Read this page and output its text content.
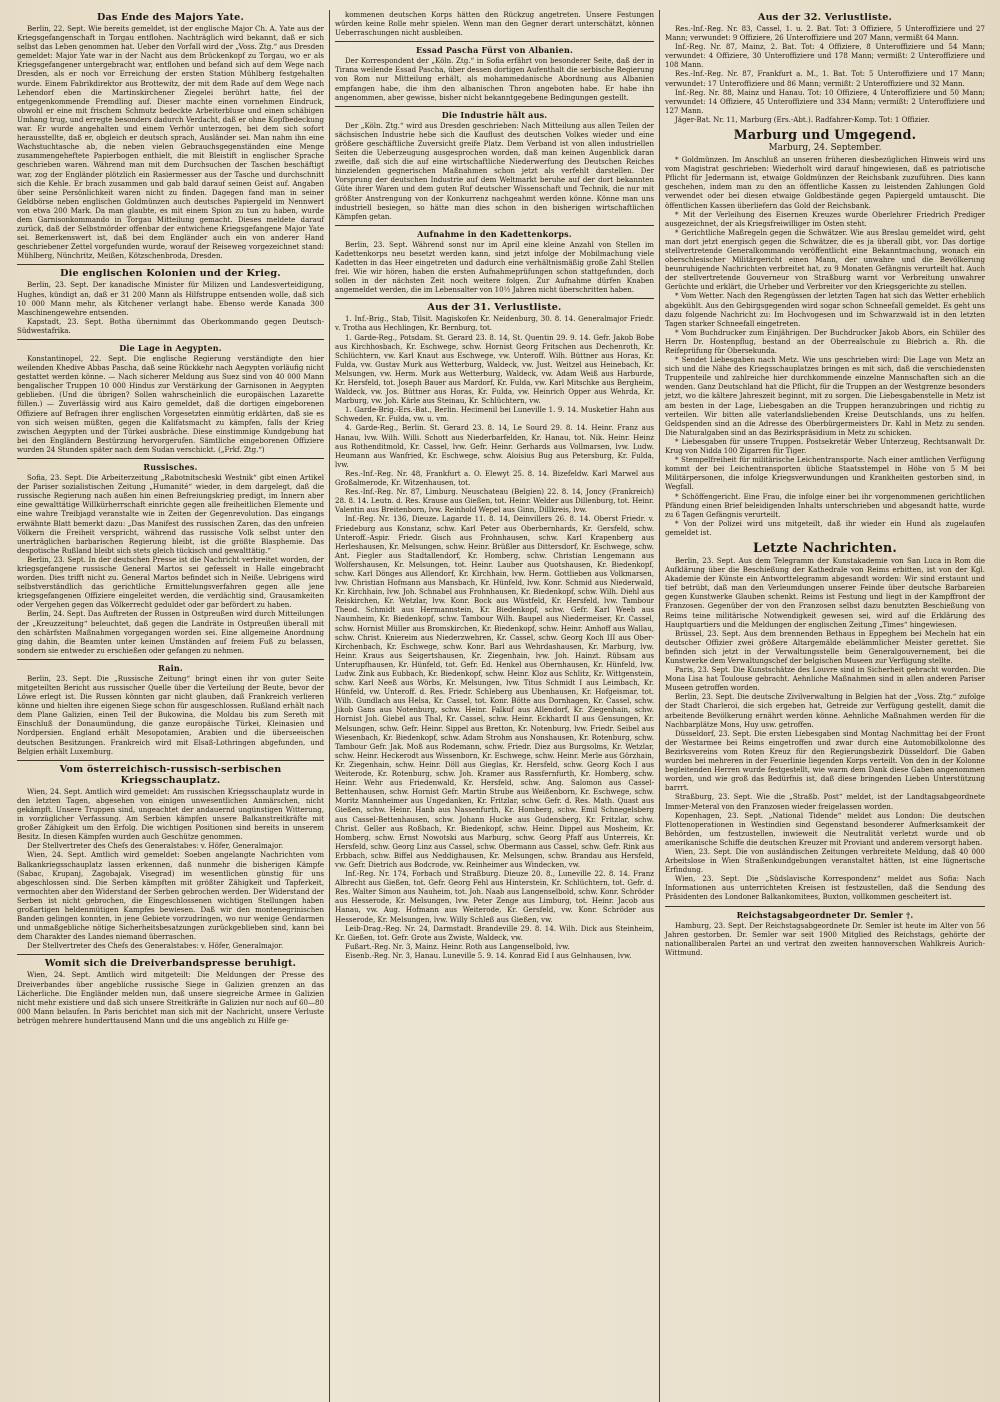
Das Ende des Majors Yate.

Berlin, 22. Sept. Wie bereits gemeldet, ist der englische Major Ch. A. Yate aus der Kriegsgefangenschaft in Torgau entflohen. Nachträglich wird bekannt, daß er sich selbst das Leben genommen hat. Ueber den Vorfall wird der „Voss. Ztg.“ aus Dresden gemeldet: Major Yate war in der Nacht aus dem Brückenkopf zu Torgau, wo er als Kriegsgefangener untergebracht war, entflohen und befand sich auf dem Wege nach Dresden, als er noch vor Erreichung der ersten Station Mühlberg festgehalten wurde. Einem Fabrikdirektor aus Brottewitz, der mit dem Rade auf dem Wege nach Lehendorf eben die Martinskirchener Ziegelei berührt hatte, fiel der entgegenkommende Fremdling auf. Dieser machte einen vornehmen Eindruck, obwohl er eine mit frischem Schmutz bedeckte Arbeiterbluse und einen schäbigen Umhang trug, und erregte besonders dadurch Verdacht, daß er ohne Kopfbedeckung war. Er wurde angehalten und einem Verhör unterzogen, bei dem sich sofort herausstellte, daß er, obgleich er deutsch sprach, Ausländer sei. Man nahm ihn eine Wachstuchtasche ab, die neben vielen Gebrauchsgegenständen eine Menge zusammengeheftete Papierbogen enthielt, die mit Bleistift in englischer Sprache geschrieben waren. Während man mit dem Durchsuchen der Taschen beschäftigt war, zog der Engländer plötzlich ein Rasiermesser aus der Tasche und durchschnitt sich die Kehle. Er brach zusammen und gab bald darauf seinen Geist auf. Angaben über seine Persönlichkeit waren nicht zu finden. Dagegen fand man in seiner Geldbörse neben englischen Goldmünzen auch deutsches Papiergeld im Nennwert von etwa 200 Mark. Da man glaubte, es mit einem Spion zu tun zu haben, wurde dem Garnisonkommando in Torgau Mitteilung gemacht. Dieses meldete darauf zurück, daß der Selbstmörder offenbar der entwichene Kriegsgefangene Major Yate sei. Bemerkenswert ist, daß bei dem Engländer auch ein von anderer Hand geschriebener Zettel vorgefunden wurde, worauf der Reiseweg vorgezeichnet stand: Mühlberg, Nünchritz, Meißen, Kötzschenbroda, Dresden.

Die englischen Kolonien und der Krieg.

Berlin, 23. Sept. Der kanadische Minister für Milizen und Landesverteidigung, Hughes, kündigt an, daß er 31 200 Mann als Hilfstruppe entsenden wolle, daß sich 10 000 Mann mehr, als Kitchener verlangt habe. Ebenso werde Kanada 300 Maschinengewehre entsenden.

Kapstadt, 23. Sept. Botha übernimmt das Oberkommando gegen Deutsch-Südwestafrika.

Die Lage in Aegypten.

Konstantinopel, 22. Sept. Die englische Regierung verständigte den hier weilenden Khedive Abbas Pascha, daß seine Rückkehr nach Aegypten vorläufig nicht gestattet werden könne. — Nach sicherer Meldung aus Suez sind von 40 000 Mann bengalischer Truppen 10 000 Hindus zur Verstärkung der Garnisonen in Aegypten geblieben. (Und die übrigen? Sollen wahrscheinlich die europäischen Lazarette füllen.) — Zuverlässig wird aus Kairo gemeldet, daß die dortigen eingeborenen Offiziere auf Befragen ihrer englischen Vorgesetzten einmütig erklärten, daß sie es von sich weisen müßten, gegen die Kalifatsmacht zu kämpfen, falls der Krieg zwischen Aegypten und der Türkei ausbräche. Diese einstimmige Kundgebung hat bei den Engländern Bestürzung hervorgerufen. Sämtliche eingeborenen Offiziere wurden 24 Stunden später nach dem Sudan verschickt. („Frkf. Ztg.“)

Russisches.

Sofia, 23. Sept. Die Arbeiterzeitung „Rabotnitscheski Westnik“ gibt einen Artikel der Pariser sozialistischen Zeitung „Humanité“ wieder, in dem dargelegt, daß die russische Regierung nach außen hin einen Befreiungskrieg predigt, im Innern aber eine gewalttätige Willkürherrschaft einrichte gegen alle freiheitlichen Elemente und eine wahre Treibjagd veranstalte wie in Zeiten der Gegenrevolution. Das eingangs erwähnte Blatt bemerkt dazu: „Das Manifest des russischen Zaren, das den unfreien Völkern die Freiheit verspricht, während das russische Volk selbst unter den unerträglichen barbarischen Regierung bleibt, ist die größte Blasphemie. Das despotische Rußland bleibt sich stets gleich tückisch und gewalttätig.“

Berlin, 23. Sept. In der deutschen Presse ist die Nachricht verbreitet worden, der kriegsgefangene russische General Martos sei gefesselt in Halle eingebracht worden. Dies trifft nicht zu. General Martos befindet sich in Neiße. Uebrigens wird selbstverständlich das gerichtliche Ermittelungsverfahren gegen alle jene kriegsgefangenen Offiziere eingeleitet werden, die verdächtig sind, Grausamkeiten oder Vergehen gegen das Völkerrecht geduldet oder gar befördert zu haben.

Berlin, 24. Sept. Das Auftreten der Russen in Ostpreußen wird durch Mitteilungen der „Kreuzzeitung“ beleuchtet, daß gegen die Landräte in Ostpreußen überall mit den schärfsten Maßnahmen vorgegangen worden sei. Eine allgemeine Anordnung ging dahin, die Beamten unter keinen Umständen auf freiem Fuß zu belassen, sondern sie entweder zu erschießen oder gefangen zu nehmen.

Rain.

Berlin, 23. Sept. Die „Russische Zeitung“ bringt einen ihr von guter Seite mitgeteilten Bericht aus russischer Quelle über die Verteilung der Beute, bevor der Löwe erlegt ist. Die Russen könnten gar nicht glauben, daß Frankreich verlieren könne und hielten ihre eigenen Siege schon für ausgeschlossen. Rußland erhält nach dem Plane Galizien, einen Teil der Bukowina, die Moldau bis zum Sereth mit Einschluß der Donaumündung, die ganze europäische Türkei, Kleinasien und Nordpersien. England erhält Mesopotamien, Arabien und die überseeischen deutschen Besitzungen. Frankreich wird mit Elsaß-Lothringen abgefunden, und Belgien erhält Luxemburg.

Vom österreichisch-russisch-serbischen Kriegsschauplatz.

Wien, 24. Sept. Amtlich wird gemeldet: Am russischen Kriegsschauplatz wurde in den letzten Tagen, abgesehen von einigen unwesentlichen Anmärschen, nicht gekämpft. Unsere Truppen sind, ungeachtet der andauernd ungünstigen Witterung, in vorzüglicher Verfassung. Am Serbien kämpfen unsere Balkanstreitkräfte mit großer Zähigkeit um den Erfolg. Die wichtigen Positionen sind bereits in unserem Besitz. In diesen Kämpfen wurden auch Geschütze genommen.

Der Stellvertreter des Chefs des Generalstabes: v. Höfer, Generalmajor.

Wien, 24. Sept. Amtlich wird gemeldet: Soeben angelangte Nachrichten vom Balkankriegsschauplatz lassen erkennen, daß nunmehr die bisherigen Kämpfe (Sabac, Krupanj, Zagobajak, Visegrad) im wesentlichen günstig für uns abgeschlossen sind. Die Serben kämpften mit größter Zähigkeit und Tapferkeit, vermochten aber den Widerstand der Serben gebrochen werden. Der Widerstand der Serben ist nicht gebrochen, die Eingeschlossenen wichtigen Stellungen haben großartigen heldenmütigen Kampfes bewiesen. Daß wir den montenegrinischen Banden gelingen konnten, in jene Gebiete vorzudringen, wo nur wenige Gendarmen und unmaßgebliche nötige Sicherheitsbesatzungen zurückgeblieben sind, kann bei dem Charakter des Landes niemand überraschen.

Der Stellvertreter des Chefs des Generalstabes: v. Höfer, Generalmajor.

Womit sich die Dreiverbandspresse beruhigt.

Wien, 24. Sept. Amtlich wird mitgeteilt: Die Meldungen der Presse des Dreiverbandes über angebliche russische Siege in Galizien grenzen an das Lächerliche. Die Engländer melden nun, daß unsere siegreiche Armee in Galizien nicht mehr existiere und daß sich unsere Streitkräfte in Galizien nur noch auf 60—80 000 Mann belaufen. In Paris berichtet man sich mit der Nachricht, unsere Verluste betrügen mehrere hunderttausend Mann und die uns angeblich zu Hilfe ge-

kommenen deutschen Korps hätten den Rückzug angetreten. Unsere Festungen würden keine Rolle mehr spielen. Wenn man den Gegner derart unterschätzt, können Ueberraschungen nicht ausbleiben.

Essad Pascha Fürst von Albanien.

Der Korrespondent der „Köln. Ztg.“ in Sofia erfährt von besonderer Seite, daß der in Tirana weilende Essad Pascha, über dessen dortigen Aufenthalt die serbische Regierung von Rom nur Mitteilung erhält, als mohammedanische Abordnung aus Albanien empfangen habe, die ihm den albanischen Thron angeboten habe. Er habe ihn angenommen, aber gewisse, bisher nicht bekanntgegebene Bedingungen gestellt.

Die Industrie hält aus.

Der „Köln. Ztg.“ wird aus Dresden geschrieben: Nach Mitteilung aus allen Teilen der sächsischen Industrie hebe sich die Kauflust des deutschen Volkes wieder und eine größere geschäftliche Zuversicht greife Platz. Dem Verband ist von allen industriellen Seiten die Ueberzeugung ausgesprochen worden, daß man keinen Augenblick daran zweifle, daß sich die auf eine wirtschaftliche Niederwerfung des Deutschen Reiches hinzielenden gegnerischen Maßnahmen schon jetzt als verfehlt darstellen. Der Vorsprung der deutschen Industrie auf dem Weltmarkt beruhe auf der dort bekannten Güte ihrer Waren und dem guten Ruf deutscher Wissenschaft und Technik, die nur mit größter Anstrengung von der Konkurrenz nachgeahmt werden könne. Könne man uns industriell besiegen, so hätte man dies schon in den bisherigen wirtschaftlichen Kämpfen getan.

Aufnahme in den Kadettenkorps.

Berlin, 23. Sept. Während sonst nur im April eine kleine Anzahl von Stellen im Kadettenkorps neu besetzt werden kann, sind jetzt infolge der Mobilmachung viele Kadetten in das Heer eingetreten und dadurch eine verhältnismäßig große Zahl Stellen frei. Wie wir hören, haben die ersten Aufnahmeprüfungen schon stattgefunden, doch sollen in der nächsten Zeit noch weitere folgen. Zur Aufnahme dürfen Knaben angemeldet werden, die im Lebensalter von 10½ Jahren nicht überschritten haben.

Aus der 31. Verlustliste.

1. Inf.-Brig., Stab, Tilsit. Magiskofen Kr. Neidenburg, 30. 8. 14. Generalmajor Friedr. v. Trotha aus Hechlingen, Kr. Bernburg, tot.

1. Garde-Reg., Potsdam. St. Gerard 23. 8. 14, St. Quentin 29. 9. 14. Gefr. Jakob Bobe aus Kirchhosbach, Kr. Eschwege, schw. Hornist Georg Fritschen aus Dechenroth, Kr. Schlüchtern, vw. Karl Knaut aus Eschwege, vw. Unteroff. Wilh. Büttner aus Horas, Kr. Fulda, vw. Gustav Murk aus Wetterburg, Waldeck, vw. Just. Weitzel aus Heinebach, Kr. Melsungen, vw. Herm. Murk aus Wetterburg, Waldeck, vw. Adam Weiß aus Harburde, Kr. Hersfeld, tot. Joseph Bauer aus Mardorf, Kr. Fulda, vw. Karl Mitschke aus Bergheim, Waldeck, vw. Jos. Büttner aus Horas, Kr. Fulda, vw. Heinrich Opper aus Wehrda, Kr. Marburg, vw. Joh. Kärle aus Steinau, Kr. Schlüchtern, vw.

1. Garde-Brig.-Ers.-Bat., Berlin. Hecimenil bei Luneville 1. 9. 14. Musketier Hahn aus Schweden, Kr. Fulda, vw. u. vm.

4. Garde-Reg., Berlin. St. Gerard 23. 8. 14, Le Sourd 29. 8. 14. Heinr. Franz aus Hanau, lvw. Wilh. Willi. Schott aus Niederbarfelden, Kr. Hanau, tot. Nik. Heinr. Heinz aus Rothenditmold, Kr. Cassel, lvw. Gefr. Heinr. Gerhards aus Vollmarsen, lvw. Ludw. Heumann aus Wanfried, Kr. Eschwege, schw. Aloisius Bug aus Petersburg, Kr. Fulda, lvw.

Res.-Inf.-Reg. Nr. 48, Frankfurt a. O. Elewyt 25. 8. 14. Bizefeldw. Karl Marwel aus Großalmerode, Kr. Witzenhausen, tot.

Res.-Inf.-Reg. Nr. 87, Limburg. Neuschateau (Belgien) 22. 8. 14, Joncy (Frankreich) 28. 8. 14. Leutn. d. Res. Krause aus Gießen, tot. Heinr. Welder aus Dillenburg, tot. Heinr. Valentin aus Breitenborn, lvw. Reinhold Wepel aus Ginn, Dillkreis, lvw.

Inf.-Reg. Nr. 136, Dieuze. Lagarde 11. 8. 14, Deinvillers 26. 8. 14. Oberst Friedr. v. Friedeburg aus Konstanz, schw. Karl Peter aus Oberbernhards, Kr. Gersfeld, schw. Unteroff.-Aspir. Friedr. Gisch aus Frohnhausen, schw. Karl Krapenberg aus Herleshausen, Kr. Melsungen, schw. Heinr. Brüßler aus Dittersdorf, Kr. Eschwege, schw. Ant. Fiegler aus Stadtallendorf, Kr. Homberg, schw. Christian Lengemann aus Wolfershausen, Kr. Melsungen, tot. Heinr. Lauber aus Quotshausen, Kr. Biedenkopf, schw. Karl Dönges aus Allendorf, Kr. Kirchhain, lvw. Herm. Gottlieben aus Volkmarsen, lvw. Christian Hofmann aus Mansbach, Kr. Hünfeld, lvw. Konr. Schmid aus Niederwald, Kr. Kirchhain, lvw. Joh. Schnabel aus Frohnhausen, Kr. Biedenkopf, schw. Wilh. Diehl aus Reiskirchen, Kr. Wetzlar, lvw. Konr. Bock aus Wüstfeld, Kr. Hersfeld, lvw. Tambour Theod. Schmidt aus Hermannstein, Kr. Biedenkopf, schw. Gefr. Karl Weeb aus Naumheim, Kr. Biedenkopf, schw. Tambour Wilh. Baupel aus Niedermeiser, Kr. Cassel, schw. Hornist Müller aus Bromskirchen, Kr. Biedenkopf, schw. Heinr. Amhoff aus Wallau, schw. Christ. Kniereim aus Niederzwehren, Kr. Cassel, schw. Georg Koch III aus Ober-Kirchenbach, Kr. Eschwege, schw. Konr. Barl aus Wehrdashausen, Kr. Marburg, lvw. Heinr. Kraus aus Seigertshausen, Kr. Ziegenhain, lvw. Joh. Hainzt. Rübsam aus Unterupfhausen, Kr. Hünfeld, tot. Gefr. Ed. Henkel aus Obernhausen, Kr. Hünfeld, lvw. Ludw. Zink aus Eubbach, Kr. Biedenkopf, schw. Heinr. Kloz aus Schlitz, Kr. Wittgenstein, schw. Karl Neeß aus Wörbs, Kr. Melsungen, lvw. Titus Schmidt I aus Leimbach, Kr. Hünfeld, vw. Unteroff. d. Res. Friedr. Schleberg aus Ubenhausen, Kr. Hofgeismar, tot. Wilh. Gundlach aus Helsa, Kr. Cassel, tot. Konr. Bötte aus Dornhagen, Kr. Cassel, schw. Jikob Gans aus Notenburg, schw. Heinr. Falkuf aus Allendorf, Kr. Ziegenhain, schw. Hornist Joh. Giebel aus Thal, Kr. Cassel, schw. Heinr. Eckhardt II aus Gensungen, Kr. Melsungen, schw. Gefr. Heinr. Sippel aus Bretton, Kr. Notenburg, lvw. Friedr. Seibel aus Wiesenbach, Kr. Biedenkopf, schw. Adam Strohm aus Nonshausen, Kr. Rotenburg, schw. Tambour Gefr. Jak. Moß aus Rodemann, schw. Friedr. Diez aus Burgsolms, Kr. Wetzlar, schw. Heinr. Heckerodt aus Wissenborn, Kr. Eschwege, schw. Heinr. Merle aus Görzhain, Kr. Ziegenhain, schw. Heinr. Döll aus Gieglas, Kr. Hersfeld, schw. Georg Koch I aus Weiterode, Kr. Rotenburg, schw. Joh. Kramer aus Rassfernfurth, Kr. Homberg, schw. Heinr. Wehr aus Friedenwald, Kr. Hersfeld, schw. Ang. Salomon aus Cassel-Bettenhausen, schw. Hornist Gefr. Martin Strube aus Weißenborn, Kr. Eschwege, schw. Moritz Mannheimer aus Ungedanken, Kr. Fritzlar, schw. Gefr. d. Res. Math. Quast aus Gießen, schw. Heinr. Hanb aus Nassenfurth, Kr. Homberg, schw. Emil Schnegelsberg aus Cassel-Bettenhausen, schw. Johann Hucke aus Gudensberg, Kr. Fritzlar, schw. Christ. Geller aus Roßbach, Kr. Biedenkopf, schw. Heinr. Dippel aus Mosheim, Kr. Homberg, schw. Ernst Nowotski aus Marburg, schw. Georg Pfaff aus Unterreis, Kr. Hersfeld, schw. Georg Linz aus Cassel, schw. Obermann aus Cassel, schw. Gefr. Rink aus Erbbach, schw. Biffel aus Neddighausen, Kr. Melsungen, schw. Brandau aus Hersfeld, vw. Gefr. Dietrich aus Bodcrode, vw. Reinheimer aus Windecken, vw.

Inf.-Reg. Nr. 174, Forbach und Straßburg. Dieuze 20. 8., Luneville 22. 8. 14. Franz Albrecht aus Gießen, tot. Gefr. Georg Fehl aus Hinterstein, Kr. Schlüchtern, tot. Gefr. d. Res. Walter Simon aus Nauheim, tot. Joh. Naab aus Langenselbold, schw. Konr. Schröder aus Hesserode, Kr. Melsungen, lvw. Peter Zenge aus Limburg, tot. Heinr. Jacob aus Hanau, vw. Aug. Hofmann aus Weiterode, Kr. Gersfeld, vw. Konr. Schröder aus Hesserode, Kr. Melsungen, lvw. Willy Schleß aus Gießen, vw.

Leib-Drag.-Reg. Nr. 24, Darmstadt. Brandeville 29. 8. 14. Wilh. Dick aus Steinheim, Kr. Gießen, tot. Gefr. Grote aus Zwiste, Waldeck, vw.

Fußart.-Reg. Nr. 3, Mainz. Heinr. Roth aus Langenselbold, lvw.

Eisenb.-Reg. Nr. 3, Hanau. Luneville 5. 9. 14. Konrad Eid I aus Gelnhausen, lvw.

Aus der 32. Verlustliste.

Res.-Inf.-Reg. Nr. 83, Cassel, 1. u. 2. Bat. Tot: 3 Offiziere, 5 Unteroffiziere und 27 Mann; verwundet: 9 Offiziere, 26 Unteroffiziere und 207 Mann, vermißt 64 Mann.

Inf.-Reg. Nr. 87, Mainz, 2. Bat. Tot: 4 Offiziere, 8 Unteroffiziere und 54 Mann; verwundet: 4 Offiziere, 30 Unteroffiziere und 178 Mann; vermißt: 2 Unteroffiziere und 108 Mann.

Res.-Inf.-Reg. Nr. 87, Frankfurt a. M., 1. Bat. Tot: 5 Unteroffiziere und 17 Mann; verwundet: 17 Unteroffiziere und 86 Mann; vermißt: 2 Unteroffiziere und 32 Mann.

Inf.-Reg. Nr. 88, Mainz und Hanau. Tot: 10 Offiziere, 4 Unteroffiziere und 50 Mann; verwundet: 14 Offiziere, 45 Unteroffiziere und 334 Mann; vermißt: 2 Unteroffiziere und 127 Mann.

Jäger-Bat. Nr. 11, Marburg (Ers.-Abt.). Radfahrer-Komp. Tot: 1 Offizier.

Marburg und Umgegend.
Marburg, 24. September.

* Goldmünzen. Im Anschluß an unseren früheren diesbezüglichen Hinweis wird uns vom Magistrat geschrieben: Wiederholt wird darauf hingewiesen, daß es patriotische Pflicht für Jedermann ist, etwaige Goldmünzen der Reichsbank zuzuführen. Dies kann geschehen, indem man zu den an öffentliche Kassen zu leistenden Zahlungen Gold verwendet oder bei diesen etwaige Goldbestände gegen Papiergeld umtauscht. Die öffentlichen Kassen überliefern das Gold der Reichsbank.

* Mit der Verleihung des Eisernen Kreuzes wurde Oberlehrer Friedrich Prediger ausgezeichnet, der als Kriegsfreiwilliger im Osten steht.

* Gerichtliche Maßregeln gegen die Schwätzer. Wie aus Breslau gemeldet wird, geht man dort jetzt energisch gegen die Schwätzer, die es ja überall gibt, vor. Das dortige stellvertretende Generalkommando veröffentlicht eine Bekanntmachung, wonach ein oberschlesischer Militärgericht einen Mann, der unwahre und die Bevölkerung beunruhigende Nachrichten verbreitet hat, zu 9 Monaten Gefängnis verurteilt hat. Auch der stellvertretende Gouverneur von Straßburg warnt vor Verbreitung unwahrer Gerüchte und erklärt, die Urheber und Verbreiter vor den Kriegsgerichte zu stellen.

* Vom Wetter. Nach den Regengüssen der letzten Tagen hat sich das Wetter erheblich abgekühlt. Aus den Gebirgsgegenden wird sogar schon Schneefall gemeldet. Es geht uns dazu folgende Nachricht zu: Im Hochvogesen und im Schwarzwald ist in den letzten Tagen starker Schneefall eingetreten.

* Vom Buchdrucker zum Einjährigen. Der Buchdrucker Jakob Abors, ein Schüler des Herrn Dr. Hostenpflug, bestand an der Oberrealschule zu Biebrich a. Rh. die Reifeprüfung für Obersekunda.

* Sendet Liebesgaben nach Metz. Wie uns geschrieben wird: Die Lage von Metz an sich und die Nähe des Kriegsschauplatzes bringen es mit sich, daß die verschiedensten Truppenteile und zahlreiche hier durchkommende einzelne Mannschaften sich an die wenden. Ganz Deutschland hat die Pflicht, für die Truppen an der Westgrenze besonders jetzt, wo die kältere Jahreszeit beginnt, mit zu sorgen. Die Liebesgabenstelle in Metz ist am besten in der Lage, Liebesgaben an die Truppen heranzubringen und richtig zu verteilen. Wir bitten alle vaterlandsliebenden Kreise Deutschlands, uns zu helfen. Geldspenden sind an die Adresse des Oberbürgermeisters Dr. Kahl in Metz zu senden. Die Naturalgaben sind an das Bezirkspräsidium in Metz zu schicken.

* Liebesgaben für unsere Truppen. Postsekretär Weber Unterzeug, Rechtsanwalt Dr. Krug von Nidda 100 Zigarren für Tiger.

* Stempelfreiheit für militärische Leichentransporte. Nach einer amtlichen Verfügung kommt der bei Leichentransporten übliche Staatsstempel in Höhe von 5 M bei Militärpersonen, die infolge Kriegsverwundungen und Krankheiten gestorben sind, in Wegfall.

* Schöffengericht. Eine Frau, die infolge einer bei ihr vorgenommenen gerichtlichen Pfändung einen Brief beleidigenden Inhalts unterschrieben und abgesandt hatte, wurde zu 6 Tagen Gefängnis verurteilt.

* Von der Polizei wird uns mitgeteilt, daß ihr wieder ein Hund als zugelaufen gemeldet ist.

Letzte Nachrichten.

Berlin, 23. Sept. Aus dem Telegramm der Kunstakademie von San Luca in Rom die Aufklärung über die Beschießung der Kathedrale von Reims erbitten, ist von der Kgl. Akademie der Künste ein Antworttelegramm abgesandt worden: Wir sind erstaunt und tief betrübt, daß man den Verleumdungen unserer Feinde über deutsche Barbareien gegen Kunstwerke Glauben schenkt. Reims ist Festung und liegt in der Kampffront der Franzosen. Gegenüber der von den Franzosen selbst dazu benutzten Beschießung von Reims teine militärische Notwendigkeit gewesen sei, wird auf die Erklärung des Hauptquartiers und die Meldungen der englischen Zeitung „Times“ hingewiesen.

Brüssel, 23. Sept. Aus dem brennenden Bethaus in Eppeghem bei Mecheln hat ein deutscher Offizier zwei größere Altargemälde ebelämmlicher Meister gerettet. Sie befinden sich jetzt in der Verwaltungsstelle beim Generalgouvernement, bei die Kunstwerke dem Verwaltungschef der belgischen Museen zur Verfügung stellte.

Paris, 23. Sept. Die Kunstschätze des Louvre sind in Sicherheit gebracht worden. Die Mona Lisa hat Toulouse gebracht. Aehnliche Maßnahmen sind in allen anderen Pariser Museen getroffen worden.

Berlin, 23. Sept. Die deutsche Zivilverwaltung in Belgien hat der „Voss. Ztg.“ zufolge der Stadt Charleroi, die sich ergeben hat, Getreide zur Verfügung gestellt, damit die arbeitende Bevölkerung ernährt werden könne. Aehnliche Maßnahmen werden für die Nachbarplätze Mons, Huy usw. getroffen.

Düsseldorf, 23. Sept. Die ersten Liebesgaben sind Montag Nachmittag bei der Front der Westarmee bei Reims eingetroffen und zwar durch eine Automobilkolonne des Bezirksvereins vom Roten Kreuz für den Regierungsbezirk Düsseldorf. Die Gaben wurden bei mehreren in der Feuerlinie liegenden Korps verteilt. Von den in der Kolonne begleitenden Herren wurde festgestellt, wie warm dem Dank diese Gaben angenommen worden, und wie groß das Bedürfnis ist, daß diese bringenden Lieben Unterstützung barrrt.

Straßburg, 23. Sept. Wie die „Straßb. Post“ meldet, ist der Landtagsabgeordnete Immer-Meteral von den Franzosen wieder freigelassen worden.

Kopenhagen, 23. Sept. „National Tidende“ meldet aus London: Die deutschen Flottenoperationen in Westindien sind Gegenstand besonderer Aufmerksamkeit der Behörden, um festzustellen, inwieweit die Neutralität verletzt wurde und ob amerikanische Schiffe die deutschen Kreuzer mit Proviant und anderem versorgt haben.

Wien, 23. Sept. Die von ausländischen Zeitungen verbreitete Meldung, daß 40 000 Arbeitslose in Wien Straßenkundgebungen veranstaltet hätten, ist eine lügnerische Erfindung.

Wien, 23. Sept. Die „Südslavische Korrespondenz“ meldet aus Sofia: Nach Informationen aus unterrichteten Kreisen ist festzustellen, daß die Sendung des Präsidenten des Londoner Balkankomitees, Buxton, vollkommen gescheitert ist.

Reichstagsabgeordneter Dr. Semler †.

Hamburg, 23. Sept. Der Reichstagsabgeordnete Dr. Semler ist heute im Alter von 56 Jahren gestorben. Dr. Semler war seit 1900 Mitglied des Reichstags, gehörte der nationalliberalen Partei an und vertrat den zweiten hannoverschen Wahlkreis Aurich-Wittmund.
